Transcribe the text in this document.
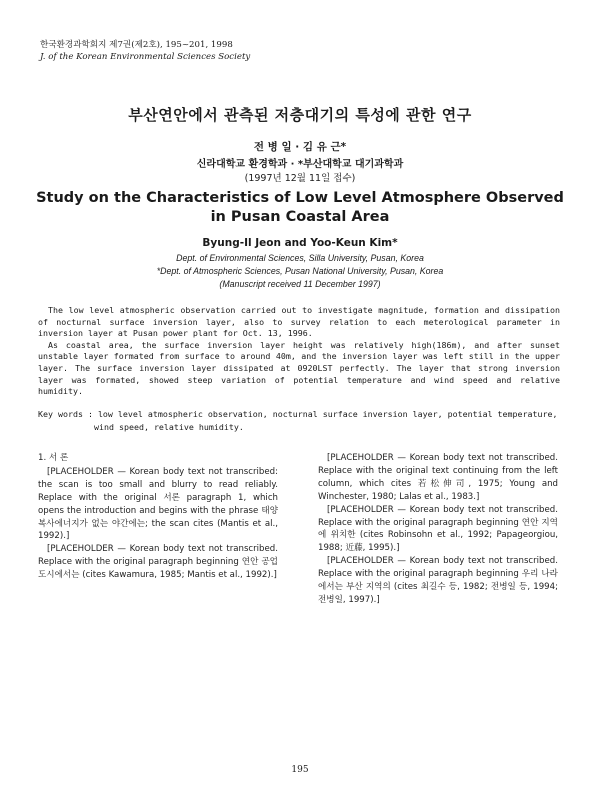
한국환경과학회지 제7권(제2호), 195~201, 1998
J. of the Korean Environmental Sciences Society
부산연안에서 관측된 저층대기의 특성에 관한 연구
전 병 일 · 김 유 근*
신라대학교 환경학과 · *부산대학교 대기과학과
(1997년 12월 11일 접수)
Study on the Characteristics of Low Level Atmosphere Observed in Pusan Coastal Area
Byung-Il Jeon and Yoo-Keun Kim*
Dept. of Environmental Sciences, Silla University, Pusan, Korea
*Dept. of Atmospheric Sciences, Pusan National University, Pusan, Korea
(Manuscript received 11 December 1997)

The low level atmospheric observation carried out to investigate magnitude, formation and dissipation of nocturnal surface inversion layer, also to survey relation to each meterological parameter in inversion layer at Pusan power plant for Oct. 13, 1996.

As coastal area, the surface inversion layer height was relatively high(186m), and after sunset unstable layer formated from surface to around 40m, and the inversion layer was left still in the upper layer. The surface inversion layer dissipated at 0920LST perfectly. The layer that strong inversion layer was formated, showed steep variation of potential temperature and wind speed and relative humidity.

Key words : low level atmospheric observation, nocturnal surface inversion layer, potential temperature, wind speed, relative humidity.

1. 서 론

[PLACEHOLDER — Korean body text not transcribed: the scan is too small and blurry to read reliably. Replace with the original 서론 paragraph 1, which opens the introduction and begins with the phrase 태양복사에너지가 없는 야간에는; the scan cites (Mantis et al., 1992).]

[PLACEHOLDER — Korean body text not transcribed. Replace with the original paragraph beginning 연안 공업도시에서는 (cites Kawamura, 1985; Mantis et al., 1992).]

[PLACEHOLDER — Korean body text not transcribed. Replace with the original text continuing from the left column, which cites 若松伸司, 1975; Young and Winchester, 1980; Lalas et al., 1983.]

[PLACEHOLDER — Korean body text not transcribed. Replace with the original paragraph beginning 연안 지역에 위치한 (cites Robinsohn et al., 1992; Papageorgiou, 1988; 近藤, 1995).]

[PLACEHOLDER — Korean body text not transcribed. Replace with the original paragraph beginning 우리 나라에서는 부산 지역의 (cites 최길수 등, 1982; 전병일 등, 1994; 전병일, 1997).]

195
